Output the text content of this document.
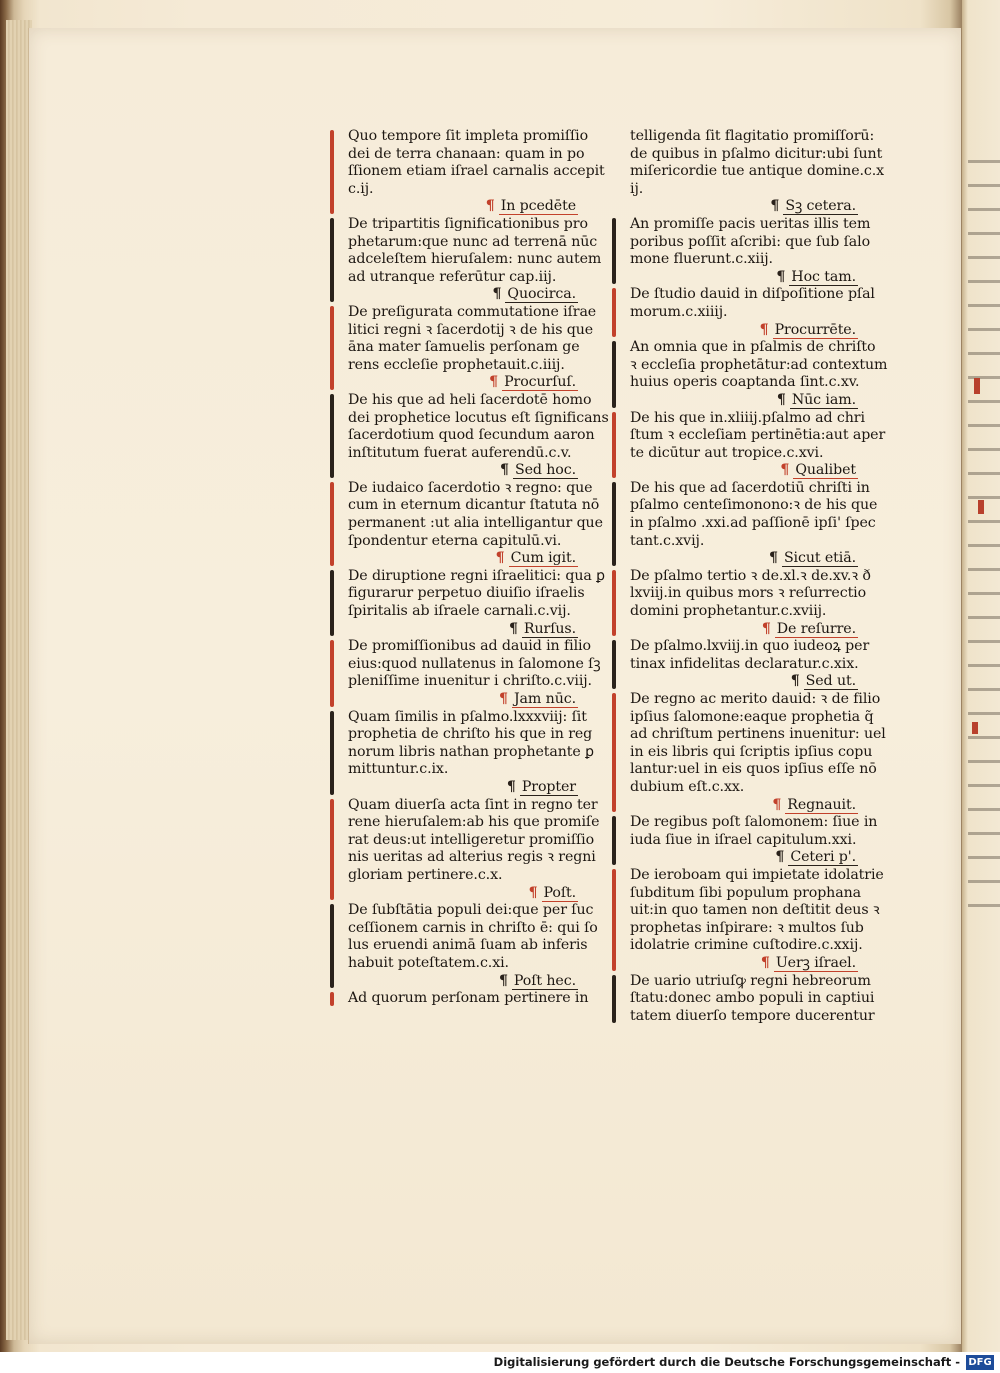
Quo tempore ſit impleta promiſſio
dei de terra chanaan: quam in po
ſſionem etiam iſrael carnalis accepit
c.ij.
¶ In pcedēte
De tripartitis ſignificationibus pro
phetarum:que nunc ad terrenā nūc
adceleſtem hieruſalem: nunc autem
ad utranque referūtur cap.iij.
¶ Quocirca.
De preſigurata commutatione iſrae
litici regni ꝛ ſacerdotij ꝛ de his que
āna mater ſamuelis perſonam ge
rens eccleſie prophetauit.c.iiij.
¶ Procurſuſ.
De his que ad heli ſacerdotē homo
dei prophetice locutus eſt ſignificans
ſacerdotium quod ſecundum aaron
inſtitutum fuerat auferendū.c.v.
¶ Sed hoc.
De iudaico ſacerdotio ꝛ regno: que
cum in eternum dicantur ſtatuta nō
permanent :ut alia intelligantur que
ſpondentur eterna capitulū.vi.
¶ Cum igit.
De diruptione regni iſraelitici: qua ꝑ
figurarur perpetuo diuiſio iſraelis
ſpiritalis ab iſraele carnali.c.vij.
¶ Rurſus.
De promiſſionibus ad dauid in filio
eius:quod nullatenus in ſalomone ſꝫ
pleniſſime inuenitur i chriſto.c.viij.
¶ Jam nūc.
Quam ſimilis in pſalmo.lxxxviij: ſit
prophetia de chriſto his que in reg
norum libris nathan prophetante ꝑ
mittuntur.c.ix.
¶ Propter
Quam diuerſa acta ſint in regno ter
rene hieruſalem:ab his que promiſe
rat deus:ut intelligeretur promiſſio
nis ueritas ad alterius regis ꝛ regni
gloriam pertinere.c.x.
¶ Poſt.
De ſubſtātia populi dei:que per ſuc
ceſſionem carnis in chriſto ē: qui ſo
lus eruendi animā ſuam ab inferis
habuit poteſtatem.c.xi.
¶ Poſt hec.
Ad quorum perſonam pertinere in
telligenda ſit flagitatio promiſſorū:
de quibus in pſalmo dicitur:ubi ſunt
miſericordie tue antique domine.c.x
ij.
¶ Sꝫ cetera.
An promiſſe pacis ueritas illis tem
poribus poſſit aſcribi: que ſub ſalo
mone fluerunt.c.xiij.
¶ Hoc tam.
De ſtudio dauid in diſpoſitione pſal
morum.c.xiiij.
¶ Procurrēte.
An omnia que in pſalmis de chriſto
ꝛ eccleſia prophetātur:ad contextum
huius operis coaptanda ſint.c.xv.
¶ Nūc iam.
De his que in.xliiij.pſalmo ad chri
ſtum ꝛ eccleſiam pertinētia:aut aper
te dicūtur aut tropice.c.xvi.
¶ Qualibet
De his que ad ſacerdotiū chriſti in
pſalmo centeſimonono:ꝛ de his que
in pſalmo .xxi.ad paſſionē ipſi' ſpec
tant.c.xvij.
¶ Sicut etiā.
De pſalmo tertio ꝛ de.xl.ꝛ de.xv.ꝛ ð
lxviij.in quibus mors ꝛ reſurrectio
domini prophetantur.c.xviij.
¶ De reſurre.
De pſalmo.lxviij.in quo iudeoꝝ per
tinax infidelitas declaratur.c.xix.
¶ Sed ut.
De regno ac merito dauid: ꝛ de filio
ipſius ſalomone:eaque prophetia q̃
ad chriſtum pertinens inuenitur: uel
in eis libris qui ſcriptis ipſius copu
lantur:uel in eis quos ipſius eſſe nō
dubium eſt.c.xx.
¶ Regnauit.
De regibus poſt ſalomonem: ſiue in
iuda ſiue in iſrael capitulum.xxi.
¶ Ceteri p'.
De ieroboam qui impietate idolatrie
ſubditum ſibi populum prophana
uit:in quo tamen non deſtitit deus ꝛ
prophetas inſpirare: ꝛ multos ſub
idolatrie crimine cuſtodire.c.xxij.
¶ Uerꝫ iſrael.
De uario utriuſꝙ regni hebreorum
ſtatu:donec ambo populi in captiui
tatem diuerſo tempore ducerentur
Digitalisierung gefördert durch die Deutsche Forschungsgemeinschaft - DFG
